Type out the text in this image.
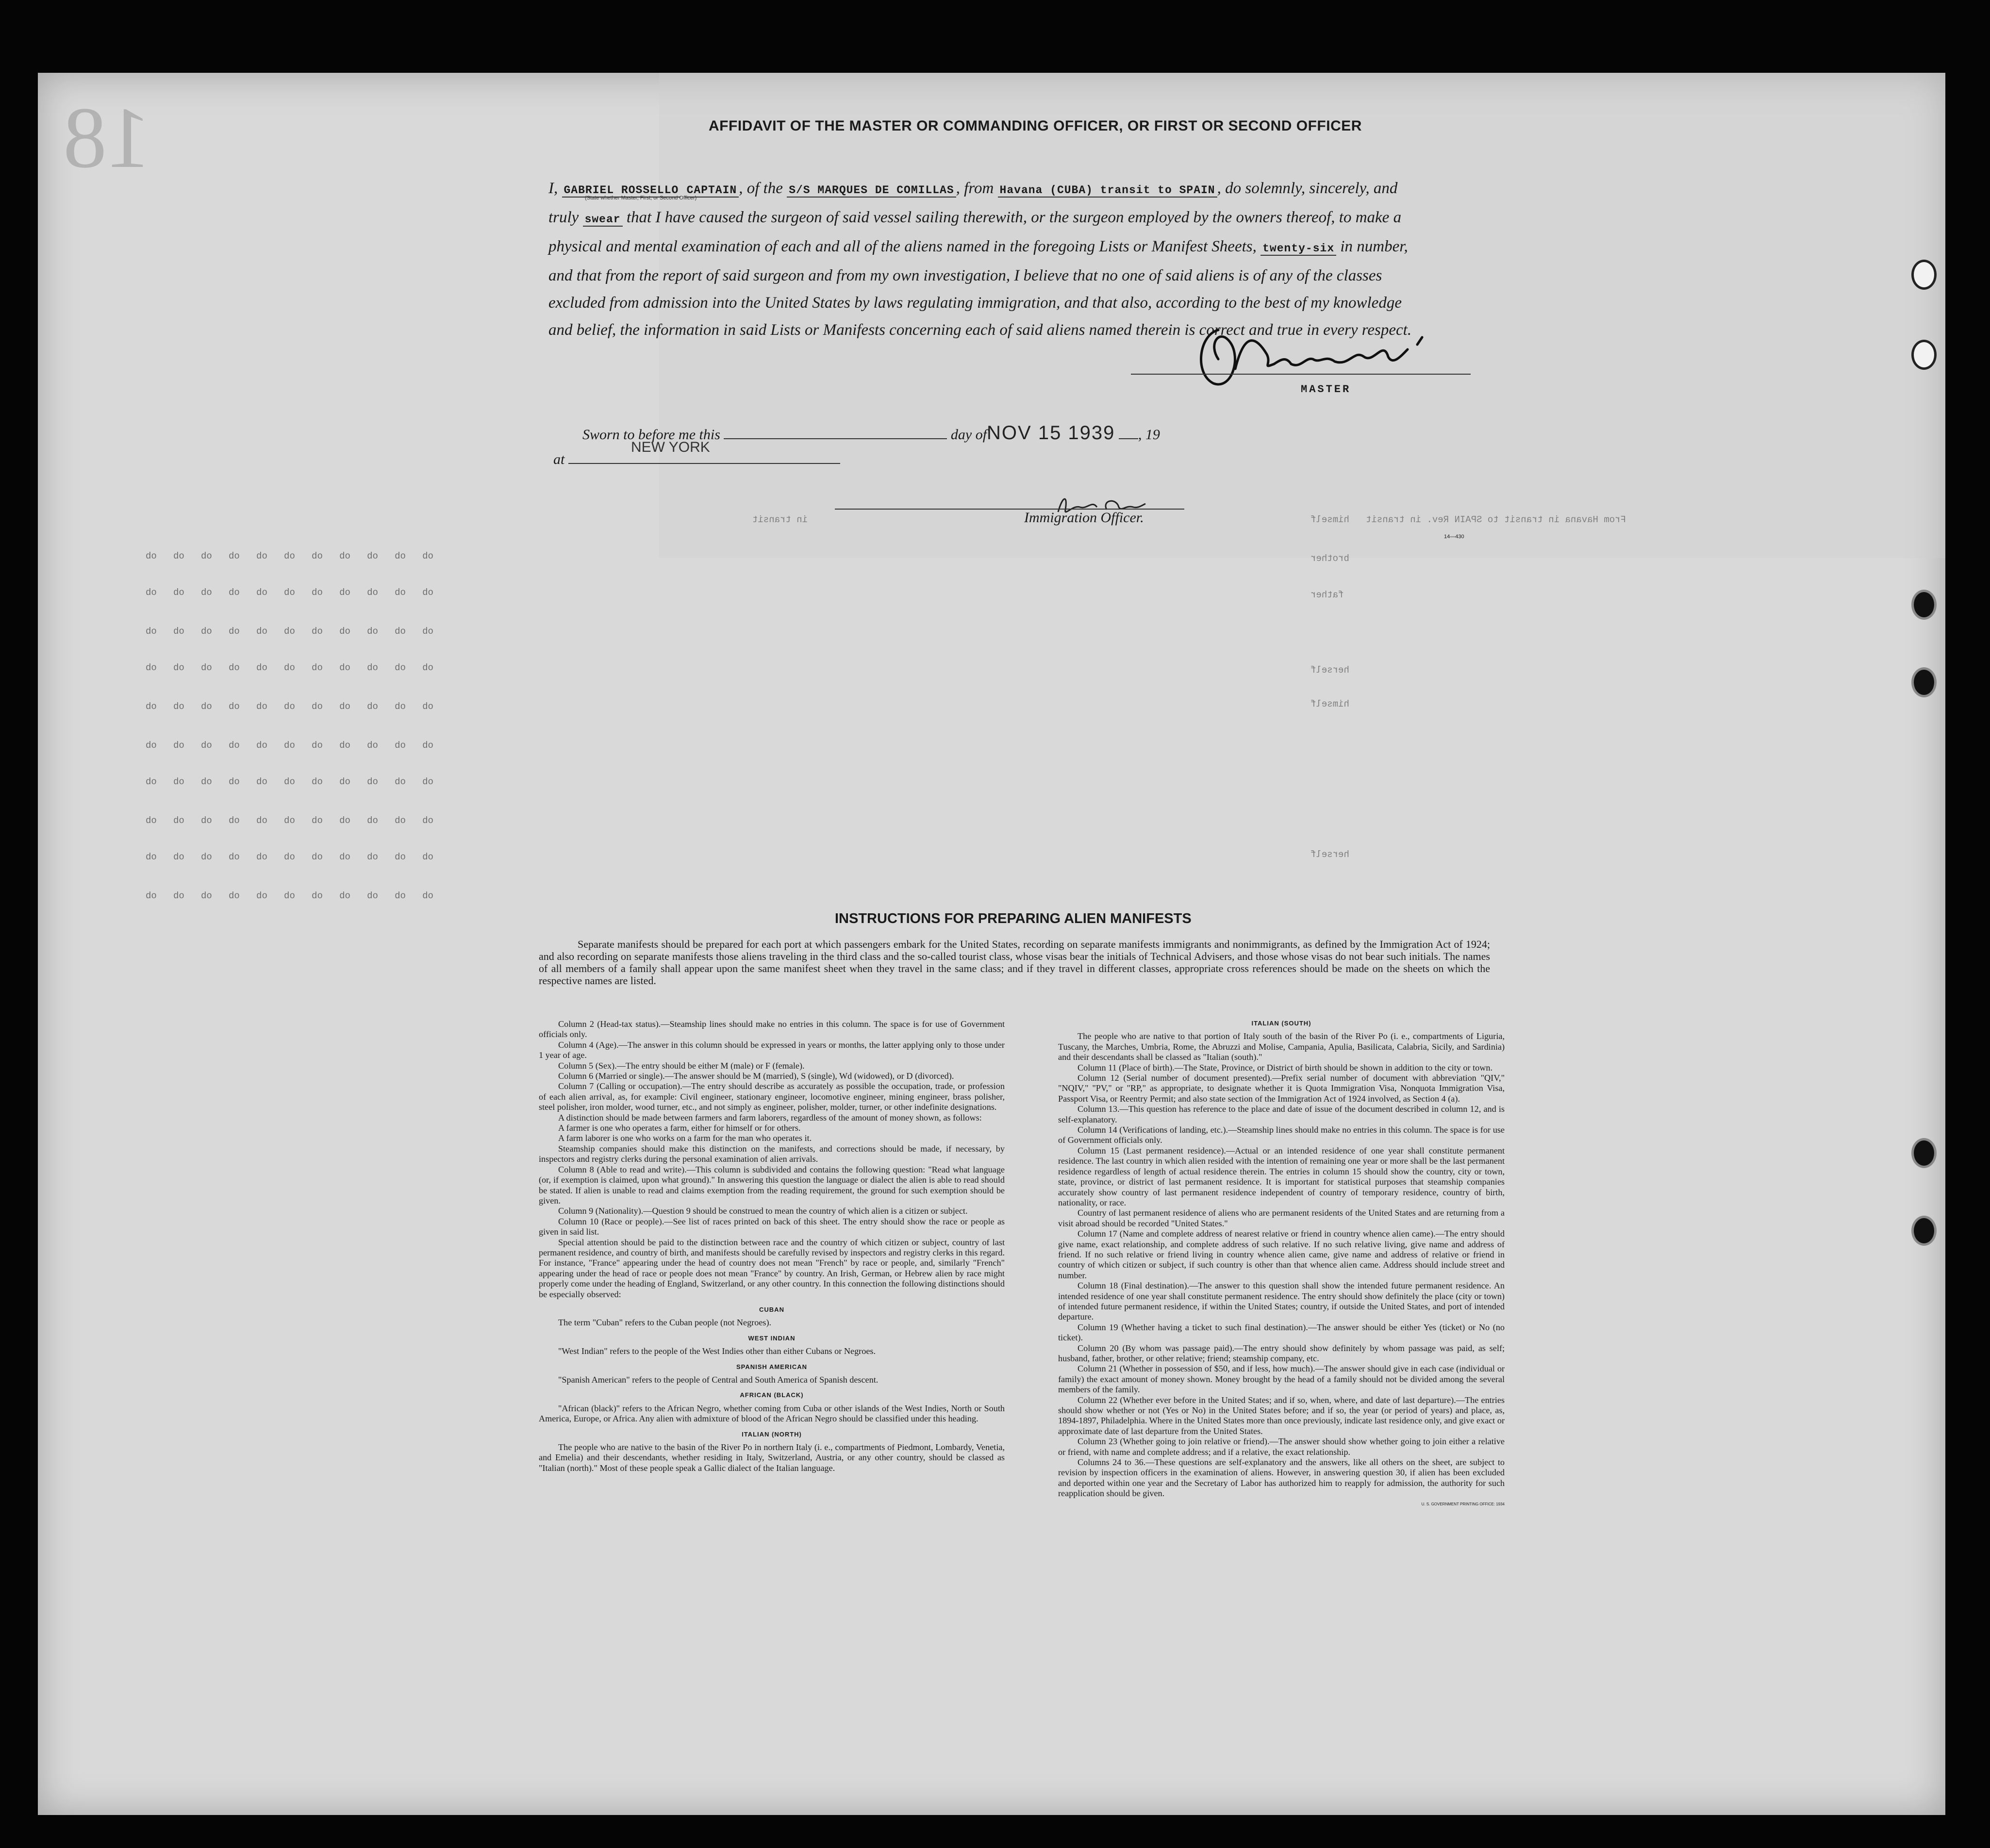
18	AFFIDAVIT OF THE MASTER OR COMMANDING OFFICER, OR FIRST OR SECOND OFFICER
I, GABRIEL ROSSELLO CAPTAIN , of the S/S MARQUES DE COMILLAS , from Havana (CUBA) transit to SPAIN , do solemnly, sincerely, and truly swear that I have caused the surgeon of said vessel sailing therewith, or the surgeon employed by the owners thereof, to make a physical and mental examination of each and all of the aliens named in the foregoing Lists or Manifest Sheets, twenty-six in number, and that from the report of said surgeon and from my own investigation, I believe that no one of said aliens is of any of the classes excluded from admission into the United States by laws regulating immigration, and that also, according to the best of my knowledge and belief, the information in said Lists or Manifests concerning each of said aliens named therein is correct and true in every respect.
(State whether Master, First, or Second Officer)
MASTER
Sworn to before me this	day ofNOV 15 1939 , 19
at
NEW YORK
Immigration Officer.
14—430
From Havana in transit to SPAIN Rev. in transit   himself
in transit
do   do   do   do   do   do   do   do   do   do   do
do   do   do   do   do   do   do   do   do   do   do
do   do   do   do   do   do   do   do   do   do   do
do   do   do   do   do   do   do   do   do   do   do
do   do   do   do   do   do   do   do   do   do   do
do   do   do   do   do   do   do   do   do   do   do
do   do   do   do   do   do   do   do   do   do   do
do   do   do   do   do   do   do   do   do   do   do
do   do   do   do   do   do   do   do   do   do   do
do   do   do   do   do   do   do   do   do   do   do
brother
father
herself
himself
herself
INSTRUCTIONS FOR PREPARING ALIEN MANIFESTS
Separate manifests should be prepared for each port at which passengers embark for the United States, recording on separate manifests immigrants and nonimmigrants, as defined by the Immigration Act of 1924; and also recording on separate manifests those aliens traveling in the third class and the so-called tourist class, whose visas bear the initials of Technical Advisers, and those whose visas do not bear such initials. The names of all members of a family shall appear upon the same manifest sheet when they travel in the same class; and if they travel in different classes, appropriate cross references should be made on the sheets on which the respective names are listed.

Column 2 (Head-tax status).—Steamship lines should make no entries in this column. The space is for use of Government officials only.

Column 4 (Age).—The answer in this column should be expressed in years or months, the latter applying only to those under 1 year of age.

Column 5 (Sex).—The entry should be either M (male) or F (female).

Column 6 (Married or single).—The answer should be M (married), S (single), Wd (widowed), or D (divorced).

Column 7 (Calling or occupation).—The entry should describe as accurately as possible the occupation, trade, or profession of each alien arrival, as, for example: Civil engineer, stationary engineer, locomotive engineer, mining engineer, brass polisher, steel polisher, iron molder, wood turner, etc., and not simply as engineer, polisher, molder, turner, or other indefinite designations.

A distinction should be made between farmers and farm laborers, regardless of the amount of money shown, as follows:

A farmer is one who operates a farm, either for himself or for others.

A farm laborer is one who works on a farm for the man who operates it.

Steamship companies should make this distinction on the manifests, and corrections should be made, if necessary, by inspectors and registry clerks during the personal examination of alien arrivals.

Column 8 (Able to read and write).—This column is subdivided and contains the following question: "Read what language (or, if exemption is claimed, upon what ground)." In answering this question the language or dialect the alien is able to read should be stated. If alien is unable to read and claims exemption from the reading requirement, the ground for such exemption should be given.

Column 9 (Nationality).—Question 9 should be construed to mean the country of which alien is a citizen or subject.

Column 10 (Race or people).—See list of races printed on back of this sheet. The entry should show the race or people as given in said list.

Special attention should be paid to the distinction between race and the country of which citizen or subject, country of last permanent residence, and country of birth, and manifests should be carefully revised by inspectors and registry clerks in this regard. For instance, "France" appearing under the head of country does not mean "French" by race or people, and, similarly "French" appearing under the head of race or people does not mean "France" by country. An Irish, German, or Hebrew alien by race might properly come under the heading of England, Switzerland, or any other country. In this connection the following distinctions should be especially observed:

CUBAN

The term "Cuban" refers to the Cuban people (not Negroes).

WEST INDIAN

"West Indian" refers to the people of the West Indies other than either Cubans or Negroes.

SPANISH AMERICAN

"Spanish American" refers to the people of Central and South America of Spanish descent.

AFRICAN (BLACK)

"African (black)" refers to the African Negro, whether coming from Cuba or other islands of the West Indies, North or South America, Europe, or Africa. Any alien with admixture of blood of the African Negro should be classified under this heading.

ITALIAN (NORTH)

The people who are native to the basin of the River Po in northern Italy (i. e., compartments of Piedmont, Lombardy, Venetia, and Emelia) and their descendants, whether residing in Italy, Switzerland, Austria, or any other country, should be classed as "Italian (north)." Most of these people speak a Gallic dialect of the Italian language.

ITALIAN (SOUTH)

The people who are native to that portion of Italy south of the basin of the River Po (i. e., compartments of Liguria, Tuscany, the Marches, Umbria, Rome, the Abruzzi and Molise, Campania, Apulia, Basilicata, Calabria, Sicily, and Sardinia) and their descendants shall be classed as "Italian (south)."

Column 11 (Place of birth).—The State, Province, or District of birth should be shown in addition to the city or town.

Column 12 (Serial number of document presented).—Prefix serial number of document with abbreviation "QIV," "NQIV," "PV," or "RP," as appropriate, to designate whether it is Quota Immigration Visa, Nonquota Immigration Visa, Passport Visa, or Reentry Permit; and also state section of the Immigration Act of 1924 involved, as Section 4 (a).

Column 13.—This question has reference to the place and date of issue of the document described in column 12, and is self-explanatory.

Column 14 (Verifications of landing, etc.).—Steamship lines should make no entries in this column. The space is for use of Government officials only.

Column 15 (Last permanent residence).—Actual or an intended residence of one year shall constitute permanent residence. The last country in which alien resided with the intention of remaining one year or more shall be the last permanent residence regardless of length of actual residence therein. The entries in column 15 should show the country, city or town, state, province, or district of last permanent residence. It is important for statistical purposes that steamship companies accurately show country of last permanent residence independent of country of temporary residence, country of birth, nationality, or race.

Country of last permanent residence of aliens who are permanent residents of the United States and are returning from a visit abroad should be recorded "United States."

Column 17 (Name and complete address of nearest relative or friend in country whence alien came).—The entry should give name, exact relationship, and complete address of such relative. If no such relative living, give name and address of friend. If no such relative or friend living in country whence alien came, give name and address of relative or friend in country of which citizen or subject, if such country is other than that whence alien came. Address should include street and number.

Column 18 (Final destination).—The answer to this question shall show the intended future permanent residence. An intended residence of one year shall constitute permanent residence. The entry should show definitely the place (city or town) of intended future permanent residence, if within the United States; country, if outside the United States, and port of intended departure.

Column 19 (Whether having a ticket to such final destination).—The answer should be either Yes (ticket) or No (no ticket).

Column 20 (By whom was passage paid).—The entry should show definitely by whom passage was paid, as self; husband, father, brother, or other relative; friend; steamship company, etc.

Column 21 (Whether in possession of $50, and if less, how much).—The answer should give in each case (individual or family) the exact amount of money shown. Money brought by the head of a family should not be divided among the several members of the family.

Column 22 (Whether ever before in the United States; and if so, when, where, and date of last departure).—The entries should show whether or not (Yes or No) in the United States before; and if so, the year (or period of years) and place, as, 1894-1897, Philadelphia. Where in the United States more than once previously, indicate last residence only, and give exact or approximate date of last departure from the United States.

Column 23 (Whether going to join relative or friend).—The answer should show whether going to join either a relative or friend, with name and complete address; and if a relative, the exact relationship.

Columns 24 to 36.—These questions are self-explanatory and the answers, like all others on the sheet, are subject to revision by inspection officers in the examination of aliens. However, in answering question 30, if alien has been excluded and deported within one year and the Secretary of Labor has authorized him to reapply for admission, the authority for such reapplication should be given.

U. S. GOVERNMENT PRINTING OFFICE: 1934
